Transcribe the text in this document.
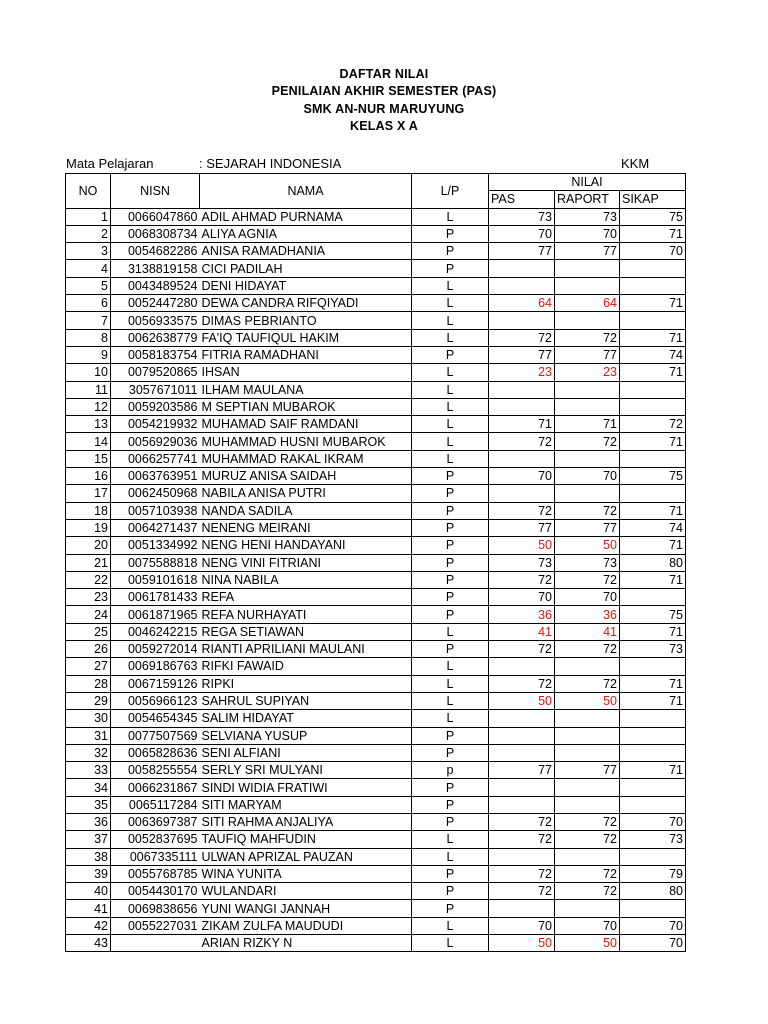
DAFTAR NILAI
PENILAIAN AKHIR SEMESTER (PAS)
SMK AN-NUR MARUYUNG
KELAS X A
Mata Pelajaran	: SEJARAH INDONESIA	KKM
NO	NISN	NAMA	L/P	NILAI		
				PAS	RAPORT	SIKAP
1	0066047860	ADIL AHMAD PURNAMA	L	73	73	75
2	0068308734	ALIYA AGNIA	P	70	70	71
3	0054682286	ANISA RAMADHANIA	P	77	77	70
4	3138819158	CICI PADILAH	P			
5	0043489524	DENI HIDAYAT	L			
6	0052447280	DEWA CANDRA RIFQIYADI	L	64	64	71
7	0056933575	DIMAS PEBRIANTO	L			
8	0062638779	FA'IQ TAUFIQUL HAKIM	L	72	72	71
9	0058183754	FITRIA RAMADHANI	P	77	77	74
10	0079520865	IHSAN	L	23	23	71
11	3057671011	ILHAM MAULANA	L			
12	0059203586	M SEPTIAN MUBAROK	L			
13	0054219932	MUHAMAD SAIF RAMDANI	L	71	71	72
14	0056929036	MUHAMMAD HUSNI MUBAROK	L	72	72	71
15	0066257741	MUHAMMAD RAKAL IKRAM	L			
16	0063763951	MURUZ ANISA SAIDAH	P	70	70	75
17	0062450968	NABILA ANISA PUTRI	P			
18	0057103938	NANDA SADILA	P	72	72	71
19	0064271437	NENENG MEIRANI	P	77	77	74
20	0051334992	NENG HENI HANDAYANI	P	50	50	71
21	0075588818	NENG VINI FITRIANI	P	73	73	80
22	0059101618	NINA NABILA	P	72	72	71
23	0061781433	REFA	P	70	70	
24	0061871965	REFA NURHAYATI	P	36	36	75
25	0046242215	REGA SETIAWAN	L	41	41	71
26	0059272014	RIANTI APRILIANI MAULANI	P	72	72	73
27	0069186763	RIFKI FAWAID	L			
28	0067159126	RIPKI	L	72	72	71
29	0056966123	SAHRUL SUPIYAN	L	50	50	71
30	0054654345	SALIM HIDAYAT	L			
31	0077507569	SELVIANA YUSUP	P			
32	0065828636	SENI ALFIANI	P			
33	0058255554	SERLY SRI MULYANI	p	77	77	71
34	0066231867	SINDI WIDIA FRATIWI	P			
35	0065117284	SITI MARYAM	P			
36	0063697387	SITI RAHMA ANJALIYA	P	72	72	70
37	0052837695	TAUFIQ MAHFUDIN	L	72	72	73
38	0067335111	ULWAN APRIZAL PAUZAN	L			
39	0055768785	WINA YUNITA	P	72	72	79
40	0054430170	WULANDARI	P	72	72	80
41	0069838656	YUNI WANGI JANNAH	P			
42	0055227031	ZIKAM ZULFA MAUDUDI	L	70	70	70
43		ARIAN RIZKY N	L	50	50	70
